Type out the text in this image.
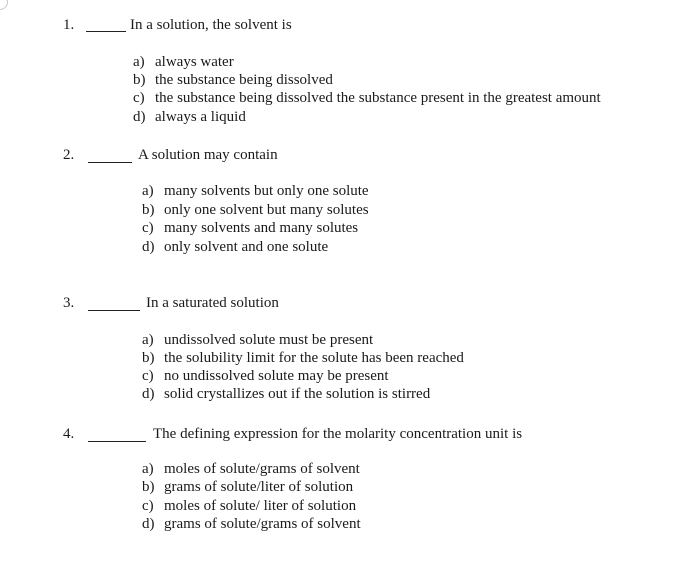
1.	In a solution, the solvent is
a) always water
b) the substance being dissolved
c) the substance being dissolved the substance present in the greatest amount
d) always a liquid
2.	A solution may contain
a) many solvents but only one solute
b) only one solvent but many solutes
c) many solvents and many solutes
d) only solvent and one solute
3.	In a saturated solution
a) undissolved solute must be present
b) the solubility limit for the solute has been reached
c) no undissolved solute may be present
d) solid crystallizes out if the solution is stirred
4.	The defining expression for the molarity concentration unit is
a) moles of solute/grams of solvent
b) grams of solute/liter of solution
c) moles of solute/ liter of solution
d) grams of solute/grams of solvent
